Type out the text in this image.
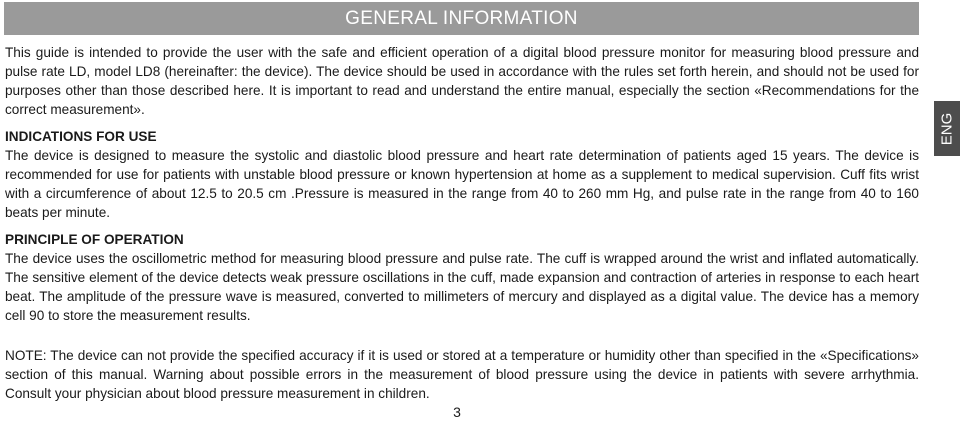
GENERAL INFORMATION

This guide is intended to provide the user with the safe and efficient operation of a digital blood pressure monitor for measuring blood pressure and pulse rate LD, model LD8 (hereinafter: the device). The device should be used in accordance with the rules set forth herein, and should not be used for purposes other than those described here. It is important to read and understand the entire manual, especially the section «Recommendations for the correct measurement».

INDICATIONS FOR USE

The device is designed to measure the systolic and diastolic blood pressure and heart rate determination of patients aged 15 years. The device is recommended for use for patients with unstable blood pressure or known hypertension at home as a supplement to medical supervision. Cuff fits wrist with a circumference of about 12.5 to 20.5 cm .Pressure is measured in the range from 40 to 260 mm Hg, and pulse rate in the range from 40 to 160 beats per minute.

PRINCIPLE OF OPERATION

The device uses the oscillometric method for measuring blood pressure and pulse rate. The cuff is wrapped around the wrist and inflated automatically. The sensitive element of the device detects weak pressure oscillations in the cuff, made expansion and contraction of arteries in response to each heart beat. The amplitude of the pressure wave is measured, converted to millimeters of mercury and displayed as a digital value. The device has a memory cell 90 to store the measurement results.

NOTE: The device can not provide the specified accuracy if it is used or stored at a temperature or humidity other than specified in the «Specifications» section of this manual. Warning about possible errors in the measurement of blood pressure using the device in patients with severe arrhythmia. Consult your physician about blood pressure measurement in children.

ENG
3
